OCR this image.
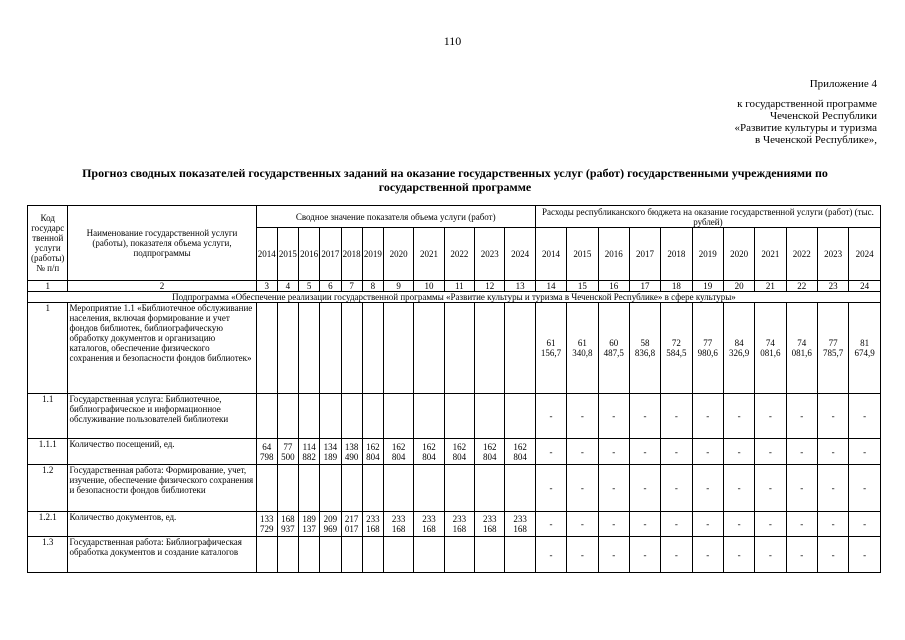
110
Приложение 4
к государственной программе
Чеченской Республики
«Развитие культуры и туризма
в Чеченской Республике»,
Прогноз сводных показателей государственных заданий на оказание государственных услуг (работ) государственными учреждениями по государственной программе
Код государс твенной услуги (работы) № п/п	Наименование государственной услуги (работы), показателя объема услуги, подпрограммы	Сводное значение показателя объема услуги (работ)											Расходы республиканского бюджета на оказание государственной услуги (работ) (тыс. рублей)										
		2014	2015	2016	2017	2018	2019	2020	2021	2022	2023	2024	2014	2015	2016	2017	2018	2019	2020	2021	2022	2023	2024
1	2	3	4	5	6	7	8	9	10	11	12	13	14	15	16	17	18	19	20	21	22	23	24
Подпрограмма «Обеспечение реализации государственной программы «Развитие культуры и туризма в Чеченской Республике» в сфере культуры»																							
1	Мероприятие 1.1 «Библиотечное обслуживание населения, включая формирование и учет фондов библиотек, библиографическую обработку документов и организацию каталогов, обеспечение физического сохранения и безопасности фондов библиотек»												61 156,7	61 340,8	60 487,5	58 836,8	72 584,5	77 980,6	84 326,9	74 081,6	74 081,6	77 785,7	81 674,9
1.1	Государственная услуга: Библиотечное, библиографическое и информационное обслуживание пользователей библиотеки												-	-	-	-	-	-	-	-	-	-	-
1.1.1	Количество посещений, ед.	64 798	77 500	114 882	134 189	138 490	162 804	162 804	162 804	162 804	162 804	162 804	-	-	-	-	-	-	-	-	-	-	-
1.2	Государственная работа: Формирование, учет, изучение, обеспечение физического сохранения и безопасности фондов библиотеки												-	-	-	-	-	-	-	-	-	-	-
1.2.1	Количество документов, ед.	133 729	168 937	189 137	209 969	217 017	233 168	233 168	233 168	233 168	233 168	233 168	-	-	-	-	-	-	-	-	-	-	-
1.3	Государственная работа: Библиографическая обработка документов и создание каталогов												-	-	-	-	-	-	-	-	-	-	-
